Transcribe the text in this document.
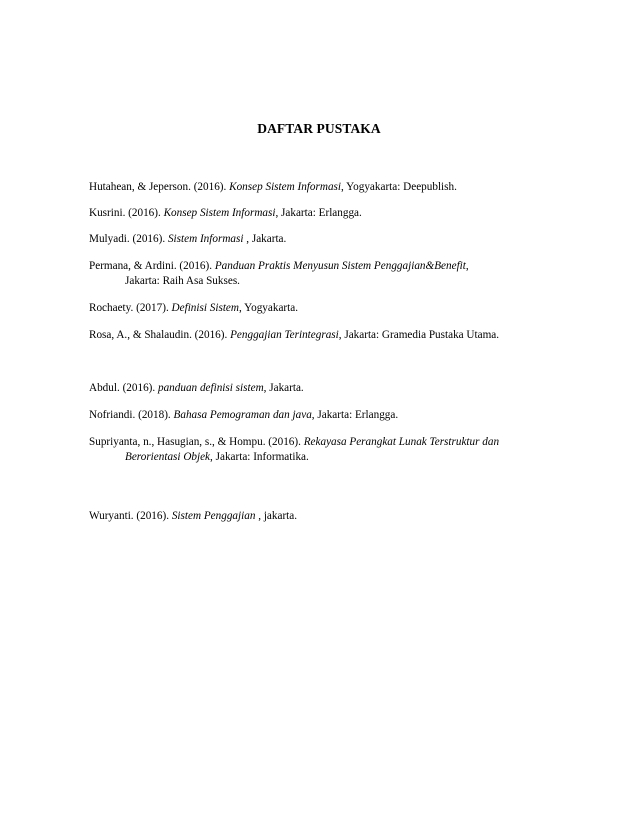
DAFTAR PUSTAKA
Hutahean, & Jeperson. (2016). Konsep Sistem Informasi, Yogyakarta: Deepublish.
Kusrini. (2016). Konsep Sistem Informasi, Jakarta: Erlangga.
Mulyadi. (2016). Sistem Informasi , Jakarta.
Permana, & Ardini. (2016). Panduan Praktis Menyusun Sistem Penggajian&Benefit,
Jakarta: Raih Asa Sukses.
Rochaety. (2017). Definisi Sistem, Yogyakarta.
Rosa, A., & Shalaudin. (2016). Penggajian Terintegrasi, Jakarta: Gramedia Pustaka Utama.
Abdul. (2016). panduan definisi sistem, Jakarta.
Nofriandi. (2018). Bahasa Pemograman dan java, Jakarta: Erlangga.
Supriyanta, n., Hasugian, s., & Hompu. (2016). Rekayasa Perangkat Lunak Terstruktur dan
Berorientasi Objek, Jakarta: Informatika.
Wuryanti. (2016). Sistem Penggajian , jakarta.
